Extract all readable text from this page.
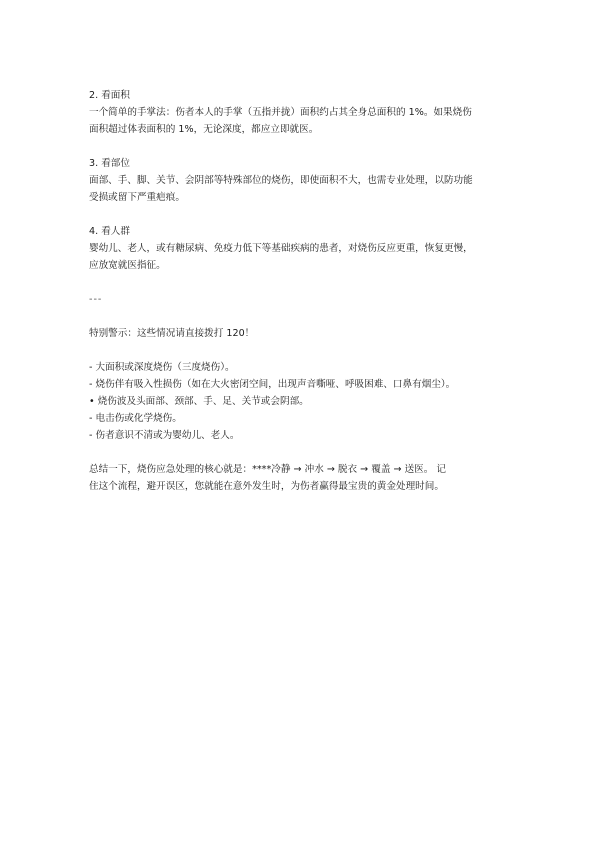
2. 看面积
一个简单的手掌法：伤者本人的手掌（五指并拢）面积约占其全身总面积的 1%。如果烧伤
面积超过体表面积的 1%，无论深度，都应立即就医。
3. 看部位
面部、手、脚、关节、会阴部等特殊部位的烧伤，即使面积不大，也需专业处理，以防功能
受损或留下严重疤痕。
4. 看人群
婴幼儿、老人，或有糖尿病、免疫力低下等基础疾病的患者，对烧伤反应更重，恢复更慢，
应放宽就医指征。
---
特别警示：这些情况请直接拨打 120！
- 大面积或深度烧伤（三度烧伤）。
- 烧伤伴有吸入性损伤（如在大火密闭空间，出现声音嘶哑、呼吸困难、口鼻有烟尘）。
• 烧伤波及头面部、颈部、手、足、关节或会阴部。
- 电击伤或化学烧伤。
- 伤者意识不清或为婴幼儿、老人。
总结一下，烧伤应急处理的核心就是：****冷静 → 冲水 → 脱衣 → 覆盖 → 送医。 记
住这个流程，避开误区，您就能在意外发生时，为伤者赢得最宝贵的黄金处理时间。
